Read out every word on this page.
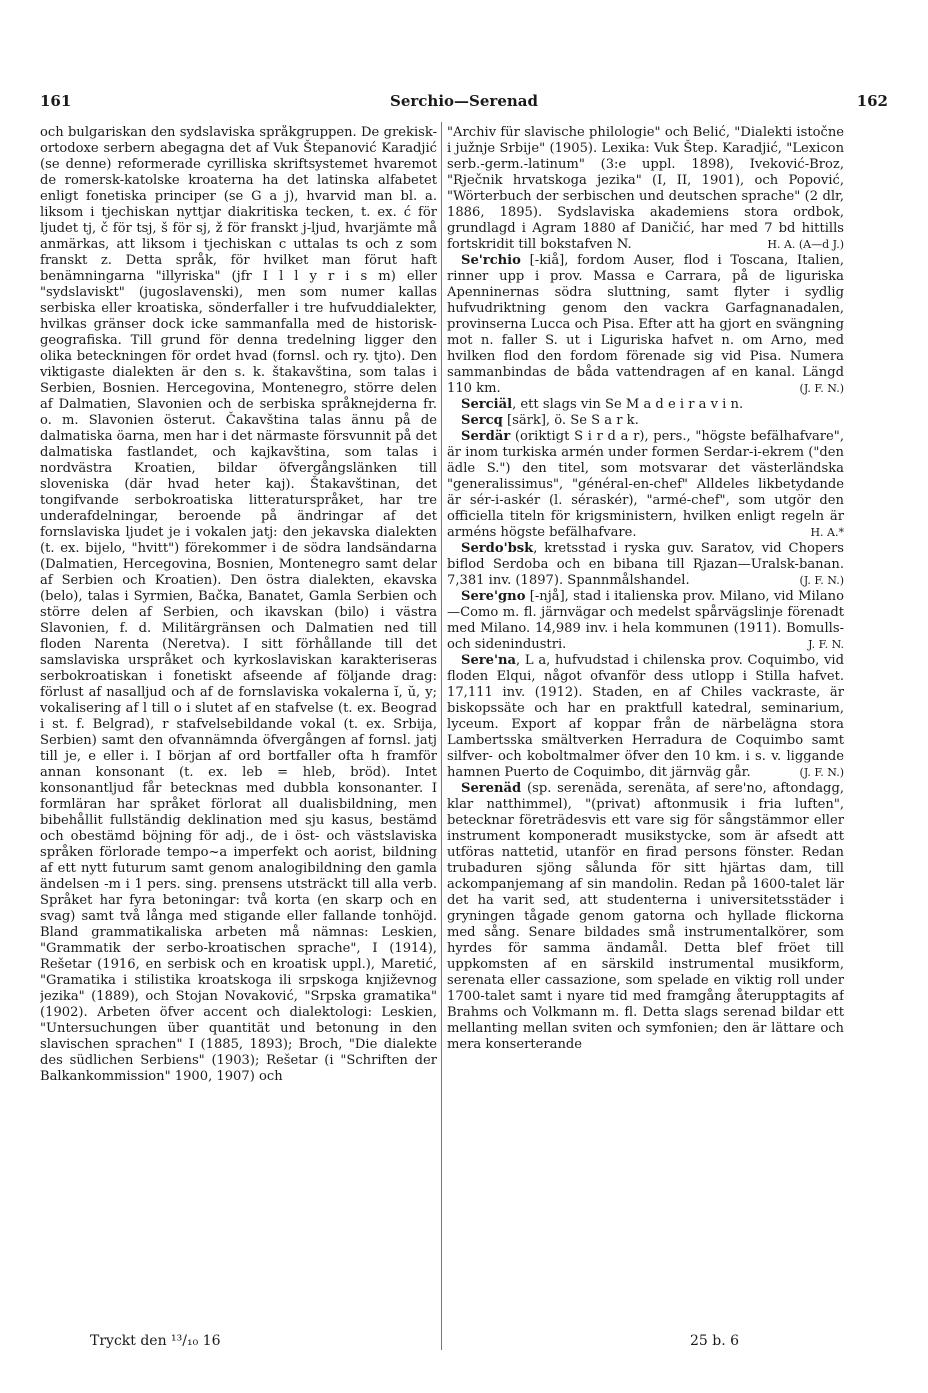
161	Serchio—Serenad	162

och bulgariskan den sydslaviska språkgruppen. De grekisk-ortodoxe serbern abegagna det af Vuk Štepanović Karadjić (se denne) reformerade cyrilliska skriftsystemet hvaremot de romersk-katolske kroaterna ha det latinska alfabetet enligt fonetiska principer (se G a j), hvarvid man bl. a. liksom i tjechiskan nyttjar diakritiska tecken, t. ex. ć för ljudet tj, č för tsj, š för sj, ž för franskt j-ljud, hvarjämte må anmärkas, att liksom i tjechiskan c uttalas ts och z som franskt z. Detta språk, för hvilket man förut haft benämningarna "illyriska" (jfr I l l y r i s m) eller "sydslaviskt" (jugoslavenski), men som numer kallas serbiska eller kroatiska, sönderfaller i tre hufvuddialekter, hvilkas gränser dock icke sammanfalla med de historisk-geografiska. Till grund för denna tredelning ligger den olika beteckningen för ordet hvad (fornsl. och ry. tjto). Den viktigaste dialekten är den s. k. štakavština, som talas i Serbien, Bosnien. Hercegovina, Montenegro, större delen af Dalmatien, Slavonien och de serbiska språknejderna fr. o. m. Slavonien österut. Čakavština talas ännu på de dalmatiska öarna, men har i det närmaste försvunnit på det dalmatiska fastlandet, och kajkavština, som talas i nordvästra Kroatien, bildar öfvergångslänken till sloveniska (där hvad heter kaj). Štakavštinan, det tongifvande serbokroatiska litteraturspråket, har tre underafdelningar, beroende på ändringar af det fornslaviska ljudet je i vokalen jatj: den jekavska dialekten (t. ex. bijelo, "hvitt") förekommer i de södra landsändarna (Dalmatien, Hercegovina, Bosnien, Montenegro samt delar af Serbien och Kroatien). Den östra dialekten, ekavska (belo), talas i Syrmien, Bačka, Banatet, Gamla Serbien och större delen af Serbien, och ikavskan (bilo) i västra Slavonien, f. d. Militärgränsen och Dalmatien ned till floden Narenta (Neretva). I sitt förhållande till det samslaviska urspråket och kyrkoslaviskan karakteriseras serbokroatiskan i fonetiskt afseende af följande drag: förlust af nasalljud och af de fornslaviska vokalerna ĭ, ŭ, y; vokalisering af l till o i slutet af en stafvelse (t. ex. Beograd i st. f. Belgrad), r stafvelsebildande vokal (t. ex. Srbija, Serbien) samt den ofvannämnda öfvergången af fornsl. jatj till je, e eller i. I början af ord bortfaller ofta h framför annan konsonant (t. ex. leb = hleb, bröd). Intet konsonantljud får betecknas med dubbla konsonanter. I formläran har språket förlorat all dualisbildning, men bibehållit fullständig deklination med sju kasus, bestämd och obestämd böjning för adj., de i öst- och västslaviska språken förlorade tempo~a imperfekt och aorist, bildning af ett nytt futurum samt genom analogibildning den gamla ändelsen -m i 1 pers. sing. prensens utsträckt till alla verb. Språket har fyra betoningar: två korta (en skarp och en svag) samt två långa med stigande eller fallande tonhöjd. Bland grammatikaliska arbeten må nämnas: Leskien, "Grammatik der serbo-kroatischen sprache", I (1914), Rešetar (1916, en serbisk och en kroatisk uppl.), Maretić, "Gramatika i stilistika kroatskoga ili srpskoga književnog jezika" (1889), och Stojan Novaković, "Srpska gramatika" (1902). Arbeten öfver accent och dialektologi: Leskien, "Untersuchungen über quantität und betonung in den slavischen sprachen" I (1885, 1893); Broch, "Die dialekte des südlichen Serbiens" (1903); Rešetar (i "Schriften der Balkankommission" 1900, 1907) och

"Archiv für slavische philologie" och Belić, "Dialekti istočne i južnje Srbije" (1905). Lexika: Vuk Štep. Karadjić, "Lexicon serb.-germ.-latinum" (3:e uppl. 1898), Iveković-Broz, "Rječnik hrvatskoga jezika" (I, II, 1901), och Popović, "Wörterbuch der serbischen und deutschen sprache" (2 dlr, 1886, 1895). Sydslaviska akademiens stora ordbok, grundlagd i Agram 1880 af Daničić, har med 7 bd hittills fortskridit till bokstafven N.	H. A. (A—d J.)

Se'rchio [-kiå], fordom Auser, flod i Toscana, Italien, rinner upp i prov. Massa e Carrara, på de liguriska Apenninernas södra sluttning, samt flyter i sydlig hufvudriktning genom den vackra Garfagnanadalen, provinserna Lucca och Pisa. Efter att ha gjort en svängning mot n. faller S. ut i Liguriska hafvet n. om Arno, med hvilken flod den fordom förenade sig vid Pisa. Numera sammanbindas de båda vattendragen af en kanal. Längd 110 km.	(J. F. N.)

Serciäl, ett slags vin Se M a d e i r a v i n.

Sercq [särk], ö. Se S a r k.

Serdär (oriktigt S i r d a r), pers., "högste befälhafvare", är inom turkiska armén under formen Serdar-i-ekrem ("den ädle S.") den titel, som motsvarar det västerländska "generalissimus", "général-en-chef" Alldeles likbetydande är sér-i-askér (l. séraskér), "armé-chef", som utgör den officiella titeln för krigsministern, hvilken enligt regeln är arméns högste befälhafvare.	H. A.*

Serdo'bsk, kretsstad i ryska guv. Saratov, vid Chopers biflod Serdoba och en bibana till Rjazan—Uralsk-banan. 7,381 inv. (1897). Spannmålshandel.	(J. F. N.)

Sere'gno [-njå], stad i italienska prov. Milano, vid Milano—Como m. fl. järnvägar och medelst spårvägslinje förenadt med Milano. 14,989 inv. i hela kommunen (1911). Bomulls- och sidenindustri.	J. F. N.

Sere'na, L a, hufvudstad i chilenska prov. Coquimbo, vid floden Elqui, något ofvanför dess utlopp i Stilla hafvet. 17,111 inv. (1912). Staden, en af Chiles vackraste, är biskopssäte och har en praktfull katedral, seminarium, lyceum. Export af koppar från de närbelägna stora Lambertsska smältverken Herradura de Coquimbo samt silfver- och koboltmalmer öfver den 10 km. i s. v. liggande hamnen Puerto de Coquimbo, dit järnväg går.	(J. F. N.)

Serenäd (sp. serenäda, serenäta, af sere'no, aftondagg, klar natthimmel), "(privat) aftonmusik i fria luften", betecknar företrädesvis ett vare sig för sångstämmor eller instrument komponeradt musikstycke, som är afsedt att utföras nattetid, utanför en firad persons fönster. Redan trubaduren sjöng sålunda för sitt hjärtas dam, till ackompanjemang af sin mandolin. Redan på 1600-talet lär det ha varit sed, att studenterna i universitetsstäder i gryningen tågade genom gatorna och hyllade flickorna med sång. Senare bildades små instrumentalkörer, som hyrdes för samma ändamål. Detta blef fröet till uppkomsten af en särskild instrumental musikform, serenata eller cassazione, som spelade en viktig roll under 1700-talet samt i nyare tid med framgång återupptagits af Brahms och Volkmann m. fl. Detta slags serenad bildar ett mellanting mellan sviten och symfonien; den är lättare och mera konserterande

Tryckt den ¹³/₁₀ 16	25 b. 6
